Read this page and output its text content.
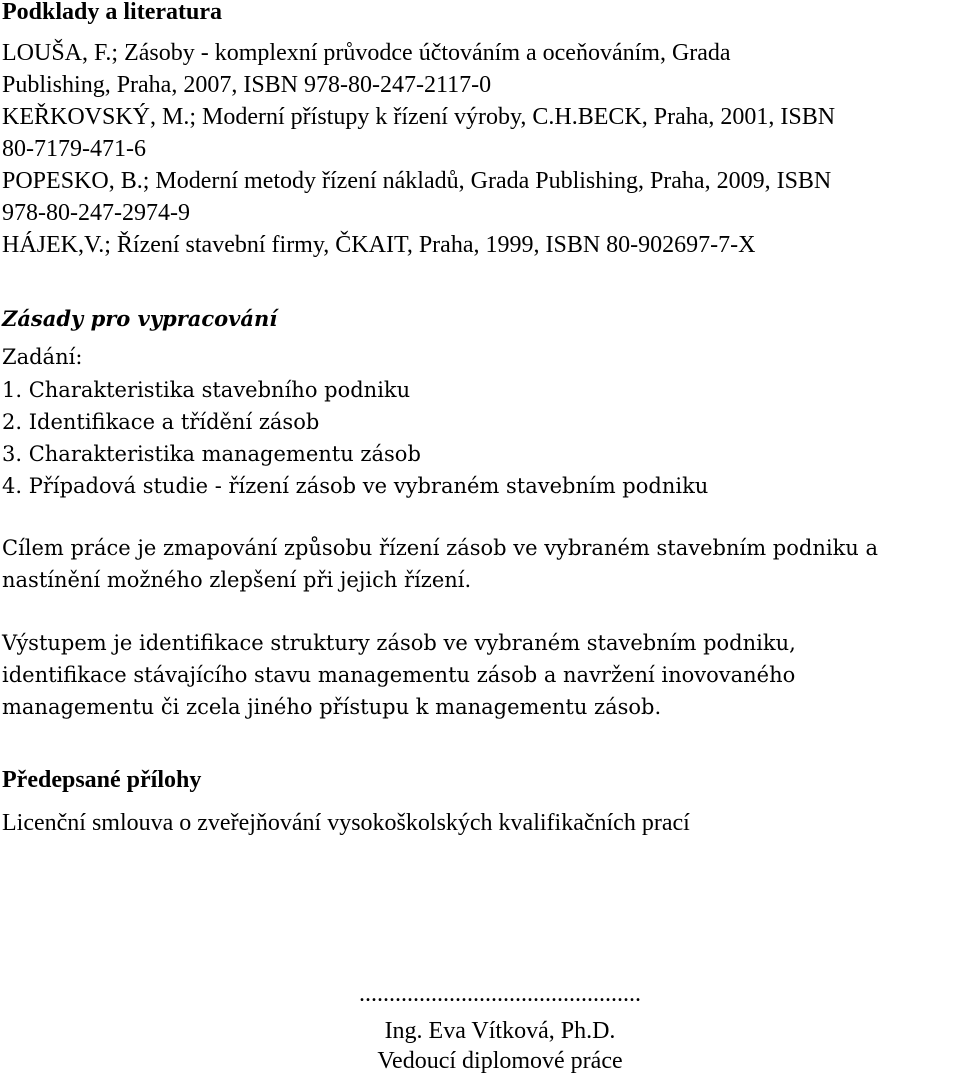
Podklady a literatura
LOUŠA, F.; Zásoby - komplexní průvodce účtováním a oceňováním, Grada
Publishing, Praha, 2007, ISBN 978-80-247-2117-0
KEŘKOVSKÝ, M.; Moderní přístupy k řízení výroby, C.H.BECK, Praha, 2001, ISBN
80-7179-471-6
POPESKO, B.; Moderní metody řízení nákladů, Grada Publishing, Praha, 2009, ISBN
978-80-247-2974-9
HÁJEK,V.; Řízení stavební firmy, ČKAIT, Praha, 1999, ISBN 80-902697-7-X
Zásady pro vypracování
Zadání:
1. Charakteristika stavebního podniku
2. Identifikace a třídění zásob
3. Charakteristika managementu zásob
4. Případová studie - řízení zásob ve vybraném stavebním podniku
Cílem práce je zmapování způsobu řízení zásob ve vybraném stavebním podniku a
nastínění možného zlepšení při jejich řízení.
Výstupem je identifikace struktury zásob ve vybraném stavebním podniku,
identifikace stávajícího stavu managementu zásob a navržení inovovaného
managementu či zcela jiného přístupu k managementu zásob.
Předepsané přílohy
Licenční smlouva o zveřejňování vysokoškolských kvalifikačních prací
...............................................
Ing. Eva Vítková, Ph.D.
Vedoucí diplomové práce
